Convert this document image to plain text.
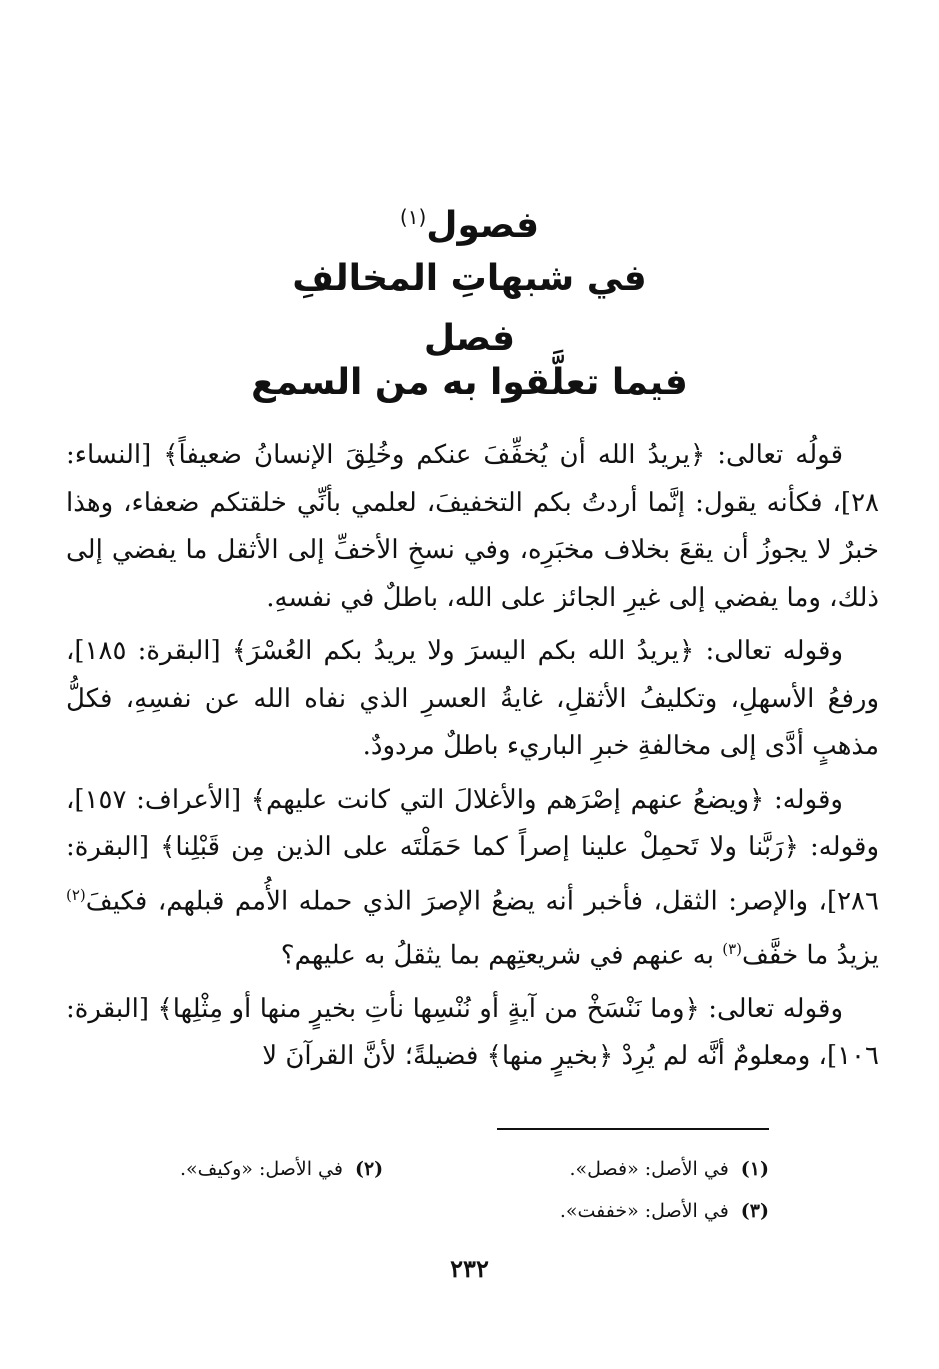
فصول$^{(١)}$
في شبهاتِ المخالفِ
فصل
فيما تعلَّقوا به من السمع

قولُه تعالى: ﴿يريدُ الله أن يُخفِّفَ عنكم وخُلِقَ الإنسانُ ضعيفاً﴾ [النساء: ٢٨]، فكأنه يقول: إنَّما أردتُ بكم التخفيفَ، لعلمي بأنِّي خلقتكم ضعفاء، وهذا خبرٌ لا يجوزُ أن يقعَ بخلاف مخبَرِه، وفي نسخِ الأخفِّ إلى الأثقل ما يفضي إلى ذلك، وما يفضي إلى غيرِ الجائز على الله، باطلٌ في نفسهِ.

وقوله تعالى: ﴿يريدُ الله بكم اليسرَ ولا يريدُ بكم العُسْرَ﴾ [البقرة: ١٨٥]، ورفعُ الأسهلِ، وتكليفُ الأثقلِ، غايةُ العسرِ الذي نفاه الله عن نفسِهِ، فكلُّ مذهبٍ أدَّى إلى مخالفةِ خبرِ الباريء باطلٌ مردودٌ.

وقوله: ﴿ويضعُ عنهم إصْرَهم والأغلالَ التي كانت عليهم﴾ [الأعراف: ١٥٧]، وقوله: ﴿رَبَّنا ولا تَحمِلْ علينا إصراً كما حَمَلْتَه على الذين مِن قَبْلِنا﴾ [البقرة: ٢٨٦]، والإصر: الثقل، فأخبر أنه يضعُ الإصرَ الذي حمله الأُمم قبلهم، فكيفَ$^{(٢)}$ يزيدُ ما خفَّف$^{(٣)}$ به عنهم في شريعتِهم بما يثقلُ به عليهم؟

وقوله تعالى: ﴿وما نَنْسَخْ من آيةٍ أو نُنْسِها نأتِ بخيرٍ منها أو مِثْلِها﴾ [البقرة: ١٠٦]، ومعلومٌ أنَّه لم يُرِدْ ﴿بخيرٍ منها﴾ فضيلةً؛ لأنَّ القرآنَ لا

(١)في الأصل: «فصل».
(٢)في الأصل: «وكيف».
(٣)في الأصل: «خففت».
٢٣٢
